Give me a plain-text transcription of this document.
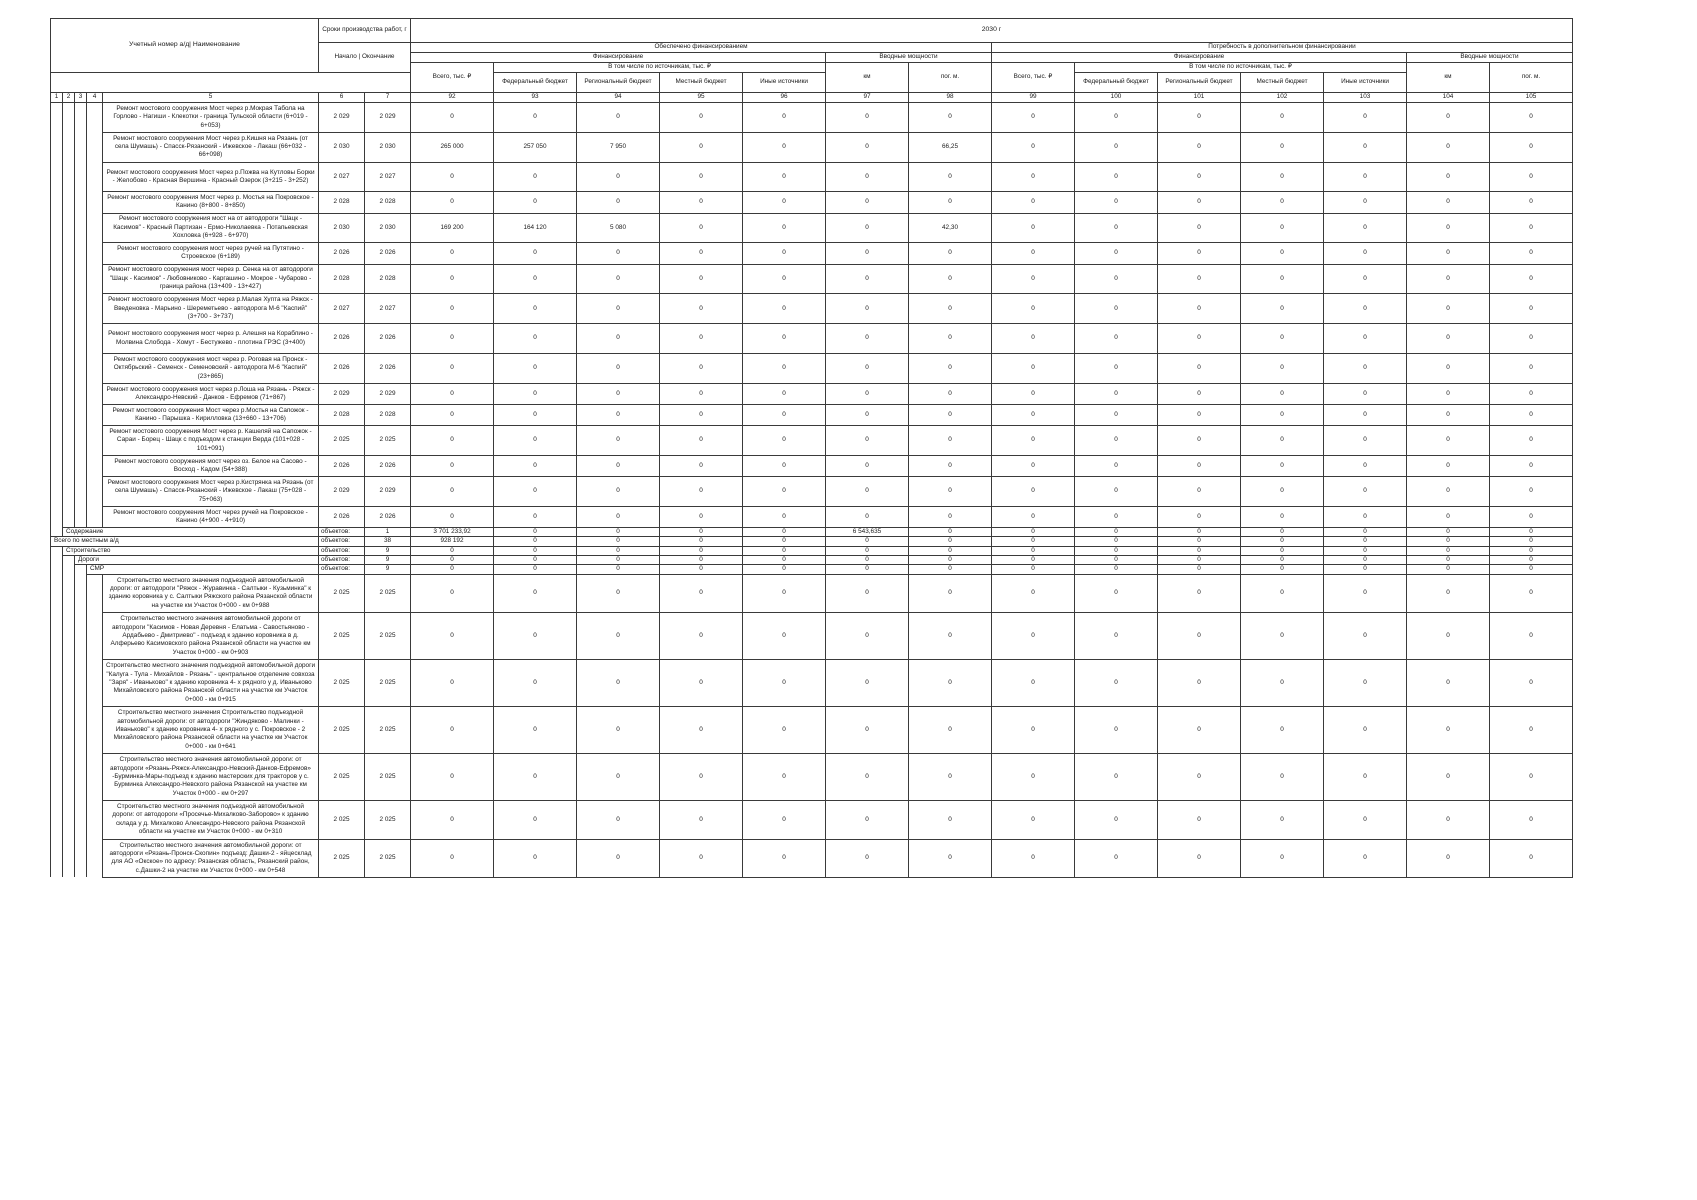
Учетный номер а/д| Наименование					Сроки производства работ, г		2030 г													
					Начало | Окончание		Обеспечено финансированием							Потребность в дополнительном финансировании						
							Финансирование					Вводные мощности		Финансирование					Вводные мощности	
							Всего, тыс. ₽	В том числе по источникам, тыс. ₽				км	пог. м.	Всего, тыс. ₽	В том числе по источникам, тыс. ₽				км	пог. м.
								Федеральный бюджет	Региональный бюджет	Местный бюджет	Иные источники				Федеральный бюджет	Региональный бюджет	Местный бюджет	Иные источники		
1	2	3	4	5	6	7	92	93	94	95	96	97	98	99	100	101	102	103	104	105
				Ремонт мостового сооружения Мост через р.Мокрая Табола на Горлово - Нагиши - Клекотки - граница Тульской области (6+019 - 6+053)	2 029	2 029	0	0	0	0	0	0	0	0	0	0	0	0	0	0
				Ремонт мостового сооружения Мост через р.Кишня на Рязань (от села Шумашь) - Спасск-Рязанский - Ижевское - Лакаш (66+032 - 66+098)	2 030	2 030	265 000	257 050	7 950	0	0	0	66,25	0	0	0	0	0	0	0
				Ремонт мостового сооружения Мост через р.Пожва на Кутловы Борки - Желобово - Красная Вершина - Красный Озерок (3+215 - 3+252)	2 027	2 027	0	0	0	0	0	0	0	0	0	0	0	0	0	0
				Ремонт мостового сооружения Мост через р. Мостья на Покровское - Канино (8+800 - 8+850)	2 028	2 028	0	0	0	0	0	0	0	0	0	0	0	0	0	0
				Ремонт мостового сооружения мост на от автодороги "Шацк - Касимов" - Красный Партизан - Ермо-Николаевка - Потапьевская Хохловка (6+928 - 6+970)	2 030	2 030	169 200	164 120	5 080	0	0	0	42,30	0	0	0	0	0	0	0
				Ремонт мостового сооружения мост через ручей на Путятино - Строевское (6+189)	2 026	2 026	0	0	0	0	0	0	0	0	0	0	0	0	0	0
				Ремонт мостового сооружения мост через р. Сенка на от автодороги "Шацк - Касимов" - Любовниково - Каргашино - Мокрое - Чубарово - граница района (13+409 - 13+427)	2 028	2 028	0	0	0	0	0	0	0	0	0	0	0	0	0	0
				Ремонт мостового сооружения Мост через р.Малая Хупта на Ряжск - Введеновка - Марьино - Шереметьево - автодорога М-6 "Каспий" (3+700 - 3+737)	2 027	2 027	0	0	0	0	0	0	0	0	0	0	0	0	0	0
				Ремонт мостового сооружения мост через р. Алешня на Кораблино - Молвина Слобода - Хомут - Бестужево - плотина ГРЭС (3+400)	2 026	2 026	0	0	0	0	0	0	0	0	0	0	0	0	0	0
				Ремонт мостового сооружения мост через р. Роговая на Пронск - Октябрьский - Семенск - Семеновский - автодорога М-6 "Каспий" (23+865)	2 026	2 026	0	0	0	0	0	0	0	0	0	0	0	0	0	0
				Ремонт мостового сооружения мост через р.Лоша на Рязань - Ряжск - Александро-Невский - Данков - Ефремов (71+867)	2 029	2 029	0	0	0	0	0	0	0	0	0	0	0	0	0	0
				Ремонт мостового сооружения Мост через р.Мостья на Сапожок - Канино - Парышка - Кирилловка (13+660 - 13+706)	2 028	2 028	0	0	0	0	0	0	0	0	0	0	0	0	0	0
				Ремонт мостового сооружения Мост через р. Кашеляй на Сапожок - Сараи - Борец - Шацк с подъездом к станции Верда (101+028 - 101+091)	2 025	2 025	0	0	0	0	0	0	0	0	0	0	0	0	0	0
				Ремонт мостового сооружения мост через оз. Белое на Сасово - Восход - Кадом (54+388)	2 026	2 026	0	0	0	0	0	0	0	0	0	0	0	0	0	0
				Ремонт мостового сооружения Мост через р.Кистрянка на Рязань (от села Шумашь) - Спасск-Рязанский - Ижевское - Лакаш (75+028 - 75+063)	2 029	2 029	0	0	0	0	0	0	0	0	0	0	0	0	0	0
				Ремонт мостового сооружения Мост через ручей на Покровское - Канино (4+900 - 4+910)	2 026	2 026	0	0	0	0	0	0	0	0	0	0	0	0	0	0
	Содержание				объектов:	1	3 701 233,92	0	0	0	0	6 543,635	0	0	0	0	0	0	0	0
Всего по местным а/д					объектов:	38	928 192	0	0	0	0	0	0	0	0	0	0	0	0	0
	Строительство				объектов:	9	0	0	0	0	0	0	0	0	0	0	0	0	0	0
		Дороги			объектов:	9	0	0	0	0	0	0	0	0	0	0	0	0	0	0
			СМР		объектов:	9	0	0	0	0	0	0	0	0	0	0	0	0	0	0
				Строительство местного значения подъездной автомобильной дороги: от автодороги "Ряжск - Журавинка - Салтыки - Кузьминка" к зданию коровника у с. Салтыки Ряжского района Рязанской области на участке км Участок 0+000 - км 0+988	2 025	2 025	0	0	0	0	0	0	0	0	0	0	0	0	0	0
				Строительство местного значения автомобильной дороги от автодороги "Касимов - Новая Деревня - Елатьма - Савостьяново - Ардабьево - Дмитриево" - подъезд к зданию коровника в д. Алферьево Касимовского района Рязанской области на участке км Участок 0+000 - км 0+903	2 025	2 025	0	0	0	0	0	0	0	0	0	0	0	0	0	0
				Строительство местного значения подъездной автомобильной дороги "Калуга - Тула - Михайлов - Рязань" - центральное отделение совхоза "Заря" - Иваньково" к зданию коровника 4- х рядного у д. Иваньково Михайловского района Рязанской области на участке км Участок 0+000 - км 0+915	2 025	2 025	0	0	0	0	0	0	0	0	0	0	0	0	0	0
				Строительство местного значения Строительство подъездной автомобильной дороги: от автодороги "Жиндяково - Малинки - Иваньково" к зданию коровника 4- х рядного у с. Покровское - 2 Михайловского района Рязанской области на участке км Участок 0+000 - км 0+641	2 025	2 025	0	0	0	0	0	0	0	0	0	0	0	0	0	0
				Строительство местного значения автомобильной дороги: от автодороги «Рязань-Ряжск-Александро-Невский-Данков-Ефремов» -Бурминка-Мары-подъезд к зданию мастерских для тракторов у с. Бурминка Александро-Невского района Рязанской на участке км Участок 0+000 - км 0+297	2 025	2 025	0	0	0	0	0	0	0	0	0	0	0	0	0	0
				Строительство местного значения подъездной автомобильной дороги: от автодороги «Просечье-Михалково-Заборово» к зданию склада у д. Михалково Александро-Невского района Рязанской области на участке км Участок 0+000 - км 0+310	2 025	2 025	0	0	0	0	0	0	0	0	0	0	0	0	0	0
				Строительство местного значения автомобильной дороги: от автодороги «Рязань-Пронск-Скопин» подъезд: Дашки-2 - яйцесклад для АО «Окское» по адресу: Рязанская область, Рязанский район, с.Дашки-2 на участке км Участок 0+000 - км 0+548	2 025	2 025	0	0	0	0	0	0	0	0	0	0	0	0	0	0
